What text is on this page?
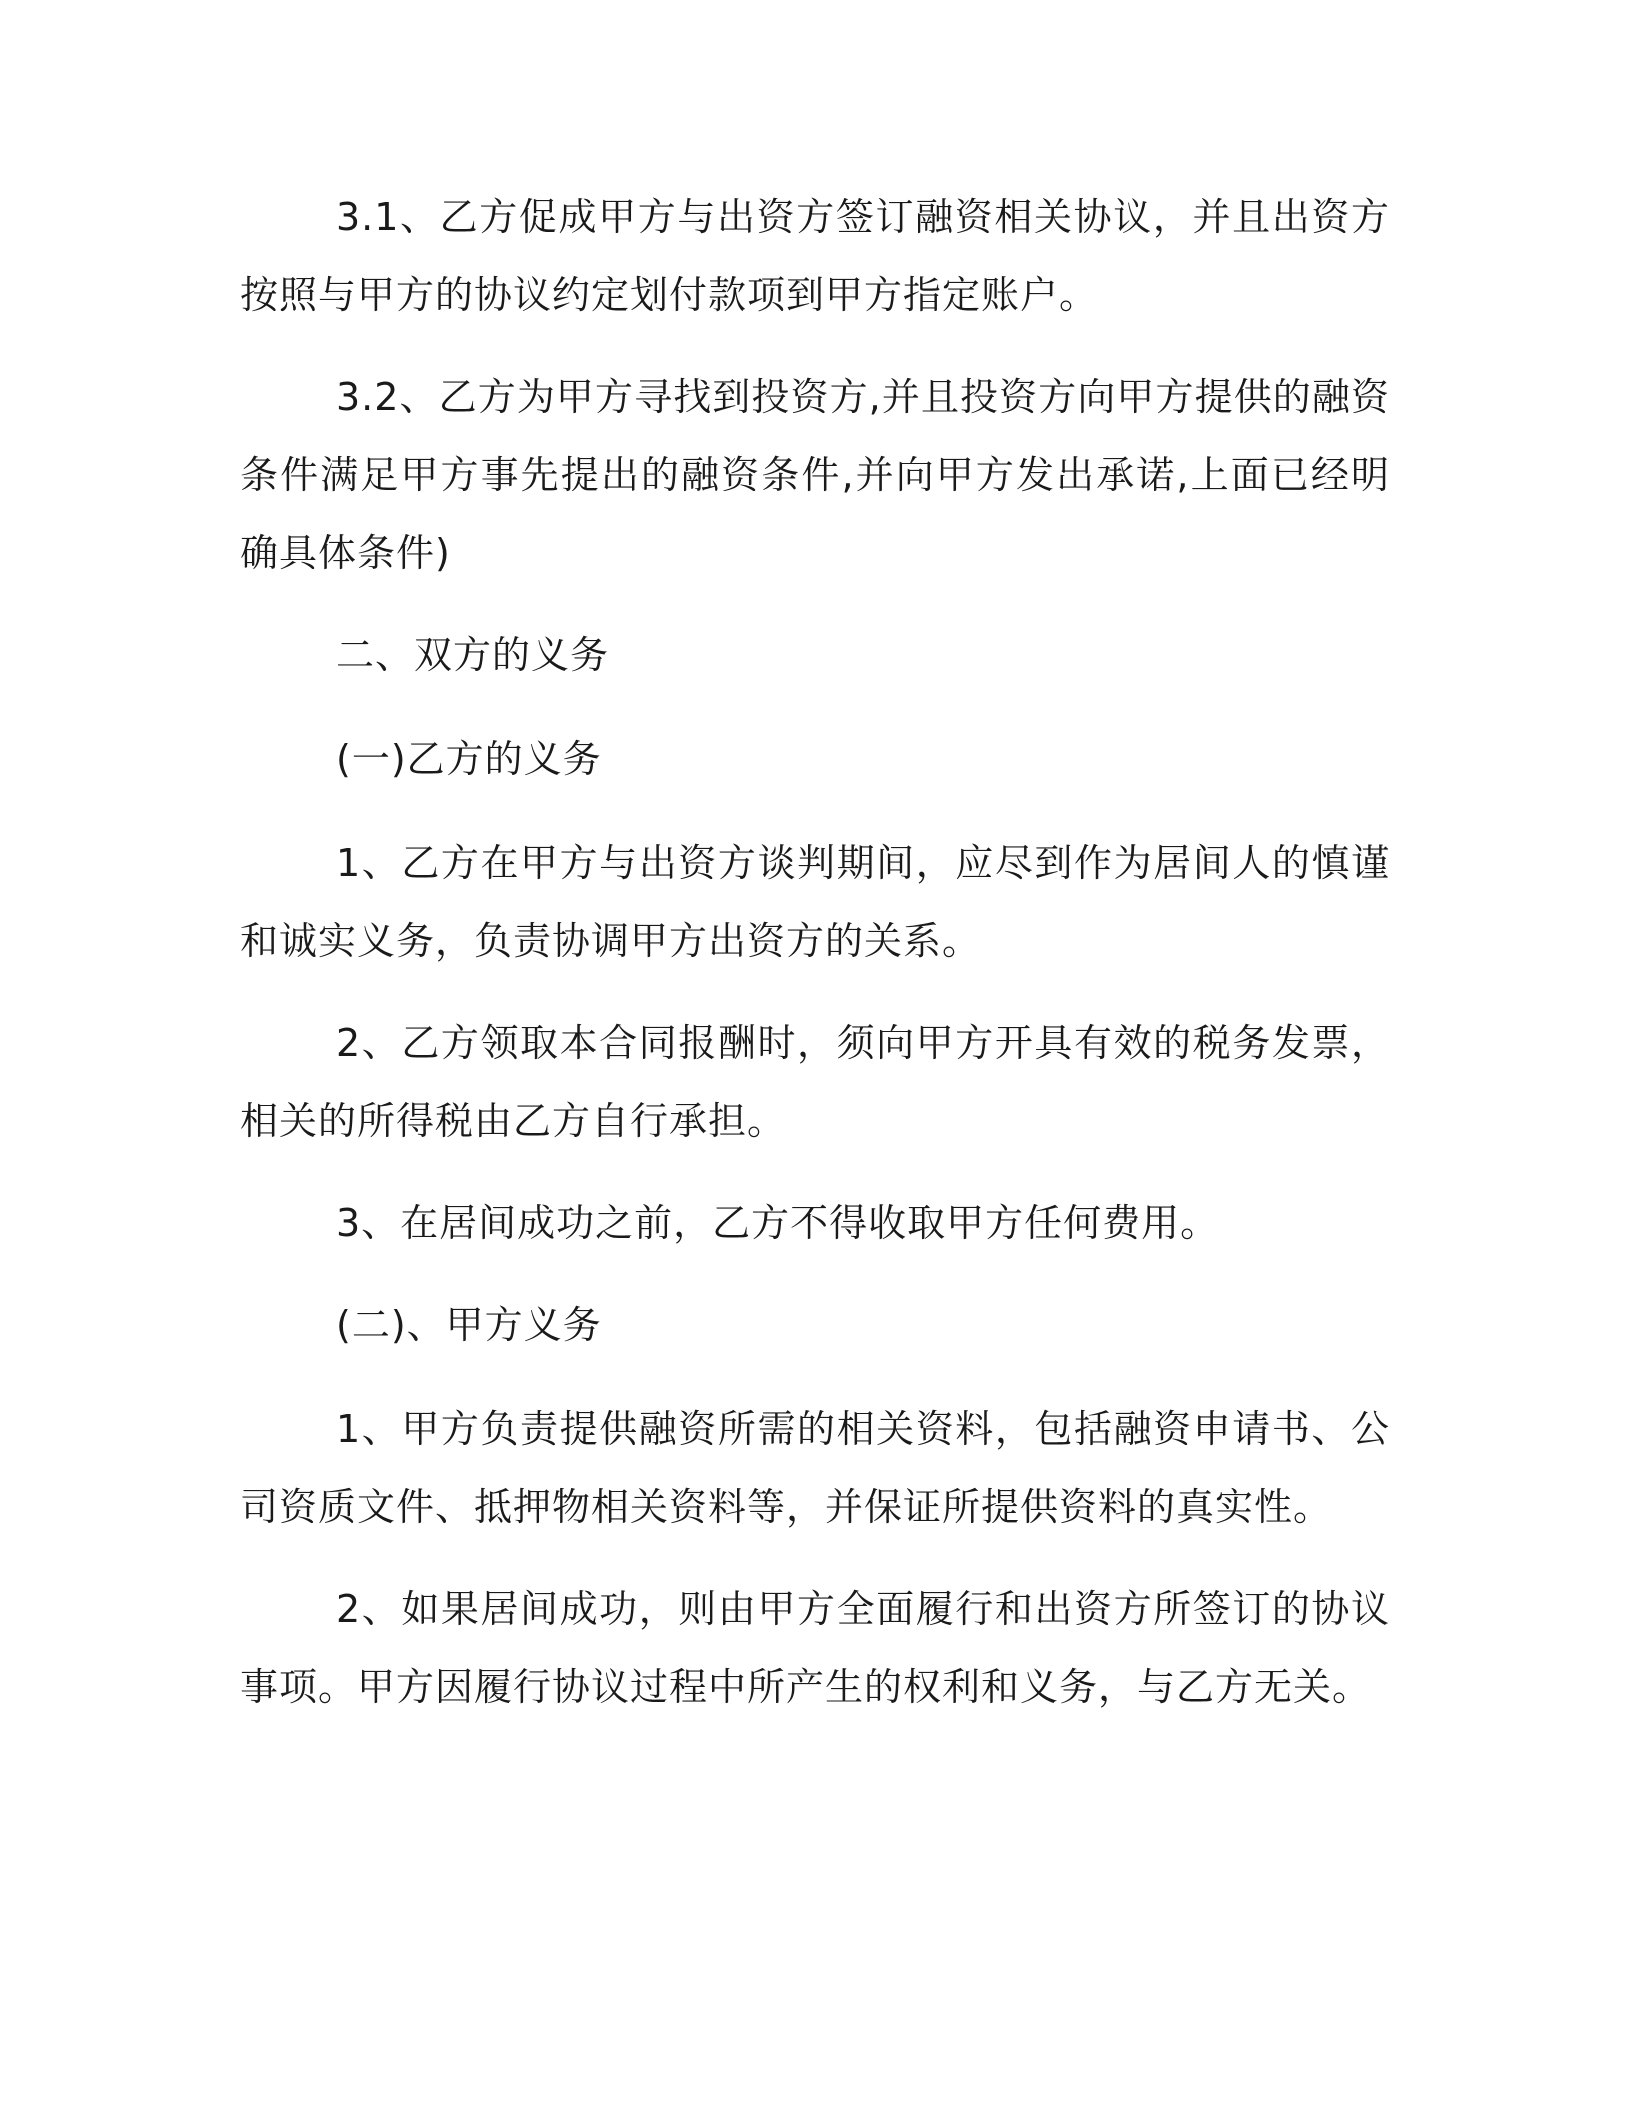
3.1、乙方促成甲方与出资方签订融资相关协议，并且出资方按照与甲方的协议约定划付款项到甲方指定账户。

3.2、乙方为甲方寻找到投资方,并且投资方向甲方提供的融资条件满足甲方事先提出的融资条件,并向甲方发出承诺,上面已经明确具体条件)

二、双方的义务

(一)乙方的义务

1、乙方在甲方与出资方谈判期间，应尽到作为居间人的慎谨和诚实义务，负责协调甲方出资方的关系。

2、乙方领取本合同报酬时，须向甲方开具有效的税务发票，相关的所得税由乙方自行承担。

3、在居间成功之前，乙方不得收取甲方任何费用。

(二)、甲方义务

1、甲方负责提供融资所需的相关资料，包括融资申请书、公司资质文件、抵押物相关资料等，并保证所提供资料的真实性。

2、如果居间成功，则由甲方全面履行和出资方所签订的协议事项。甲方因履行协议过程中所产生的权利和义务，与乙方无关。
